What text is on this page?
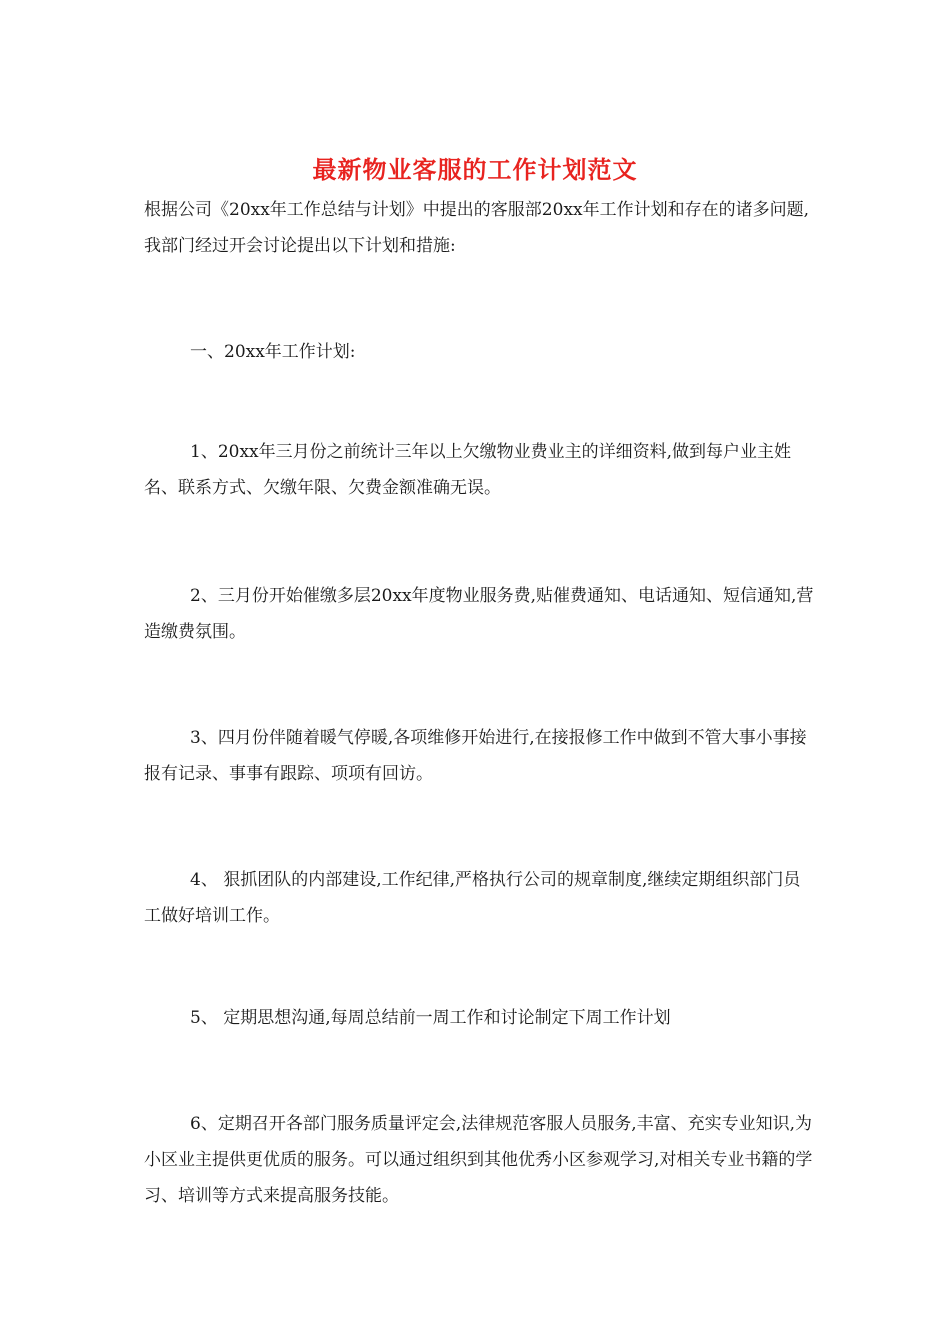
最新物业客服的工作计划范文

根据公司《20xx年工作总结与计划》中提出的客服部20xx年工作计划和存在的诸多问题,我部门经过开会讨论提出以下计划和措施:

一、20xx年工作计划:

1、20xx年三月份之前统计三年以上欠缴物业费业主的详细资料,做到每户业主姓名、联系方式、欠缴年限、欠费金额准确无误。

2、三月份开始催缴多层20xx年度物业服务费,贴催费通知、电话通知、短信通知,营造缴费氛围。

3、四月份伴随着暖气停暖,各项维修开始进行,在接报修工作中做到不管大事小事接报有记录、事事有跟踪、项项有回访。

4、 狠抓团队的内部建设,工作纪律,严格执行公司的规章制度,继续定期组织部门员工做好培训工作。

5、 定期思想沟通,每周总结前一周工作和讨论制定下周工作计划

6、定期召开各部门服务质量评定会,法律规范客服人员服务,丰富、充实专业知识,为小区业主提供更优质的服务。可以通过组织到其他优秀小区参观学习,对相关专业书籍的学习、培训等方式来提高服务技能。
